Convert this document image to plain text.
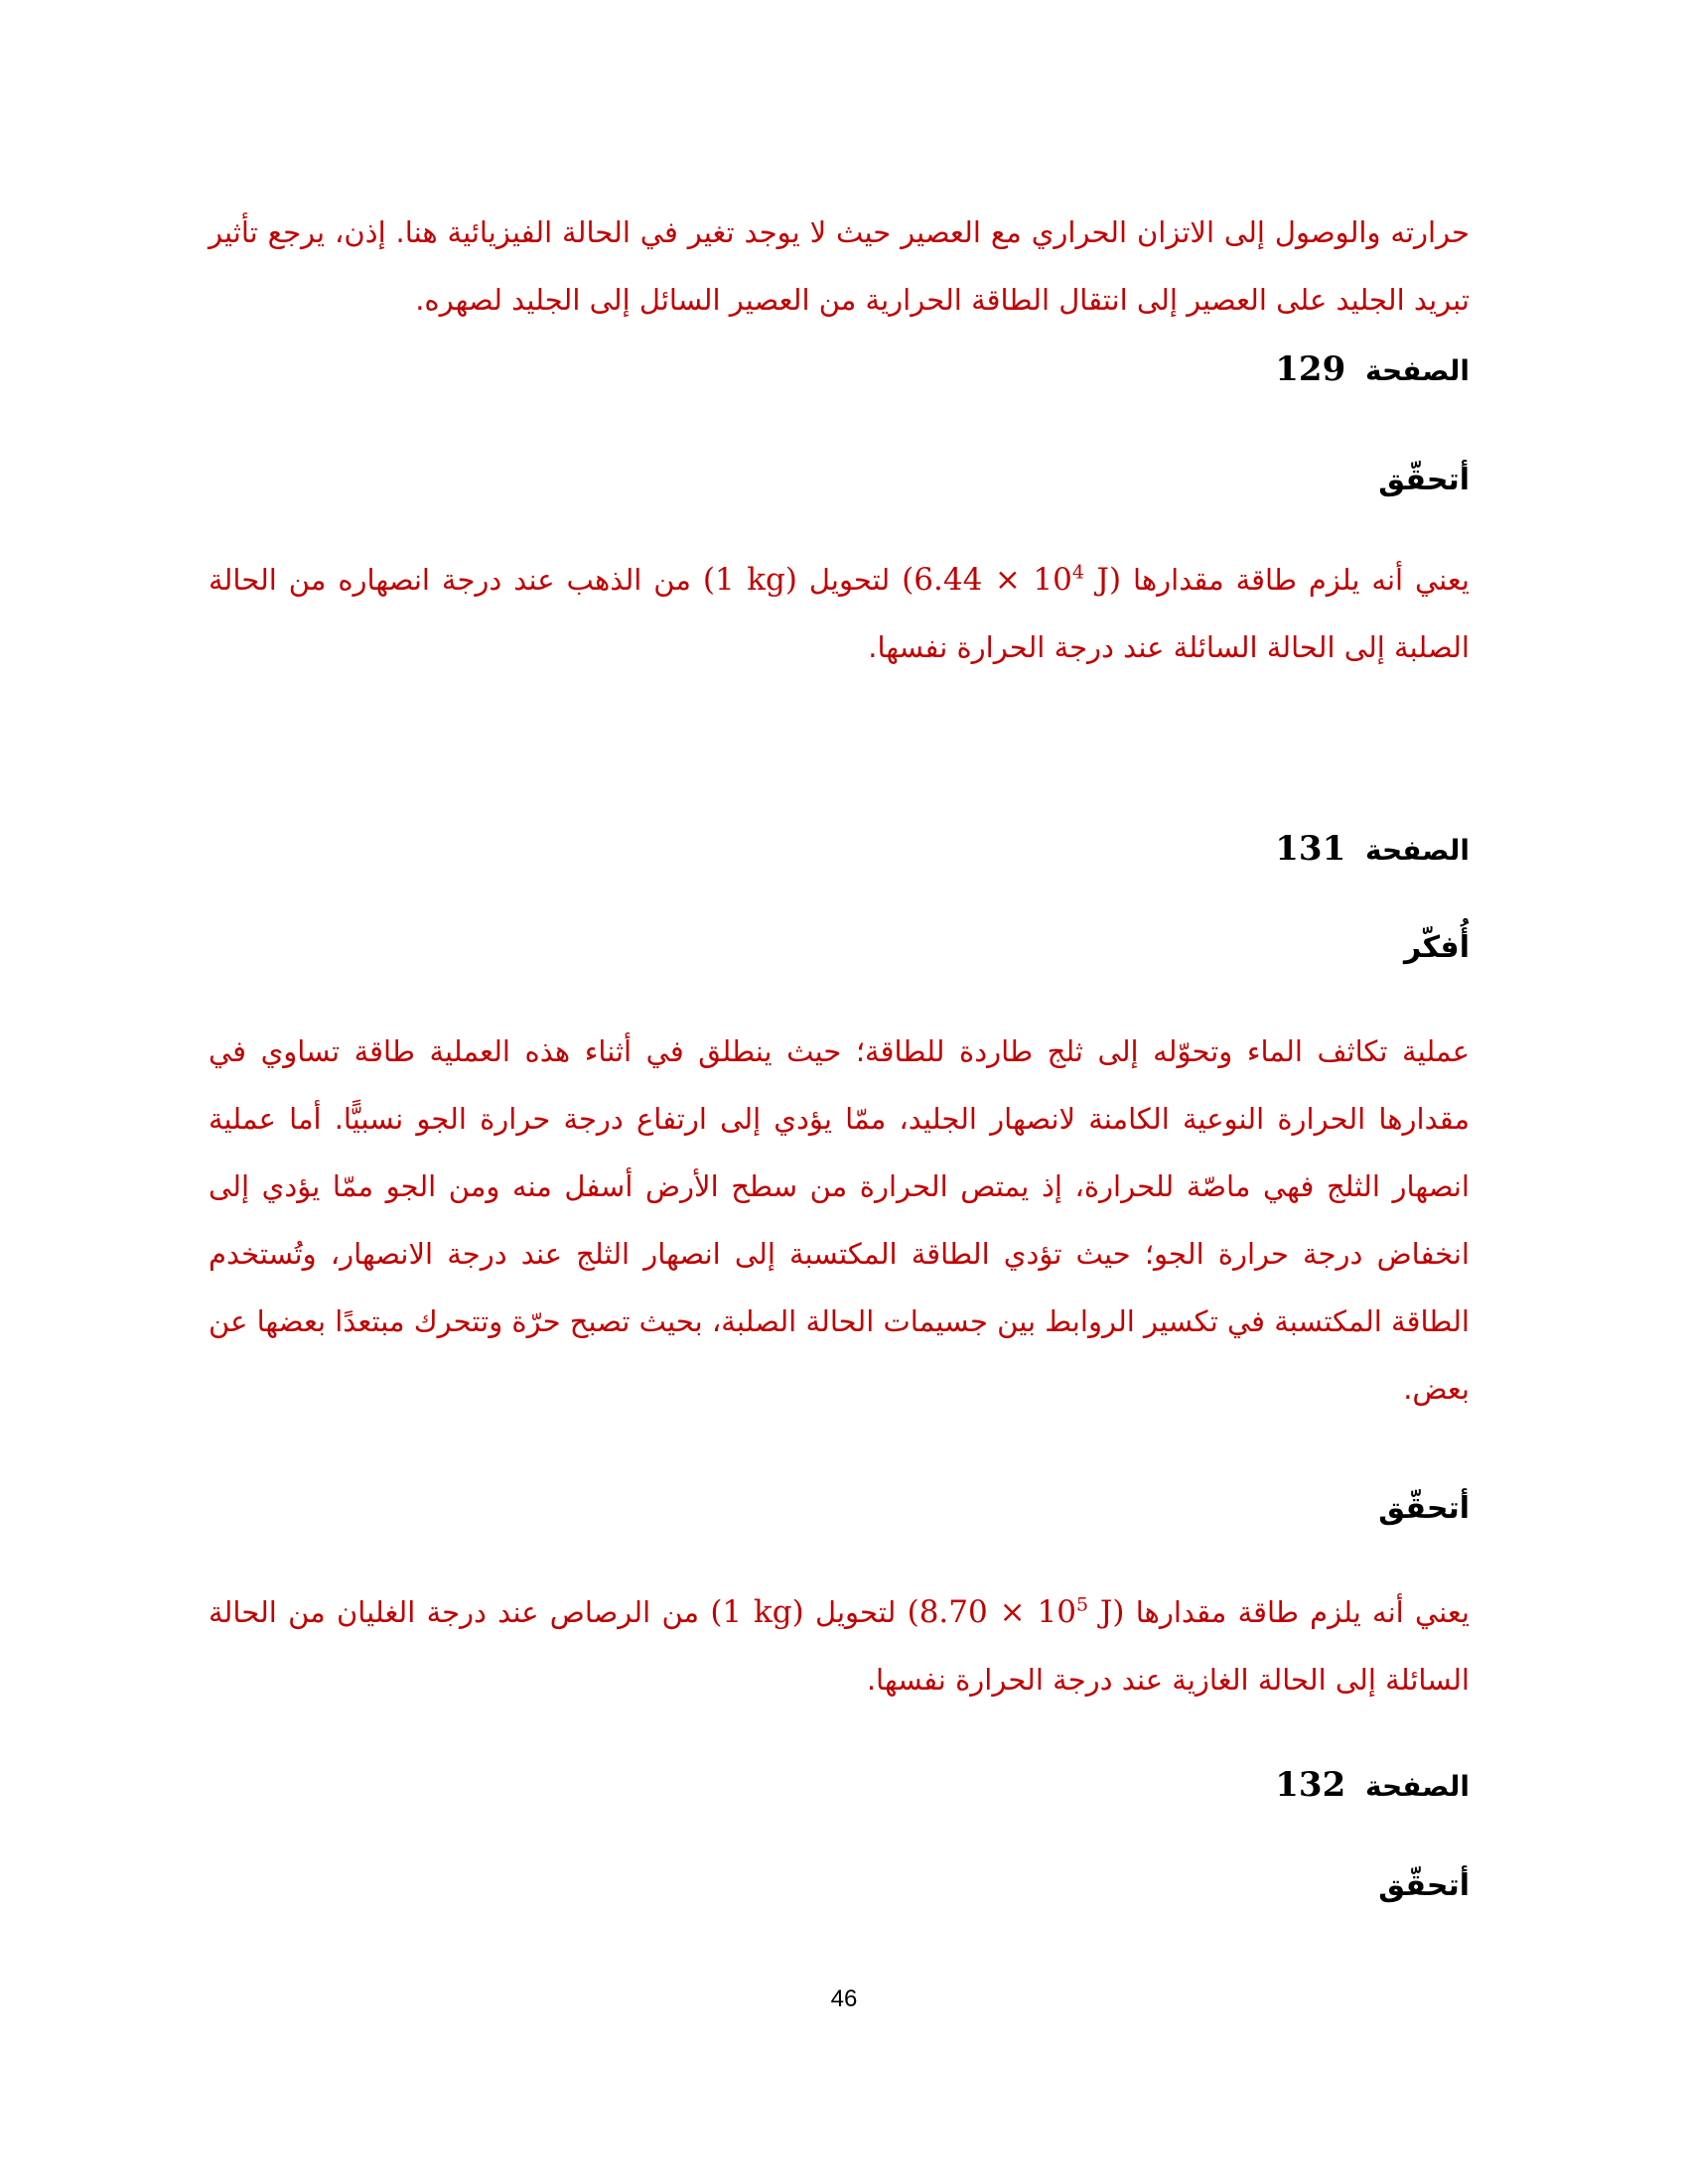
حرارته والوصول إلى الاتزان الحراري مع العصير حيث لا يوجد تغير في الحالة الفيزيائية هنا. إذن، يرجع تأثير تبريد الجليد على العصير إلى انتقال الطاقة الحرارية من العصير السائل إلى الجليد لصهره.
الصفحة 129
أتحقّق
يعني أنه يلزم طاقة مقدارها ($6.44 \times 10^4$ J) لتحويل (1 kg) من الذهب عند درجة انصهاره من الحالة الصلبة إلى الحالة السائلة عند درجة الحرارة نفسها.
الصفحة 131
أُفكّر
عملية تكاثف الماء وتحوّله إلى ثلج طاردة للطاقة؛ حيث ينطلق في أثناء هذه العملية طاقة تساوي في مقدارها الحرارة النوعية الكامنة لانصهار الجليد، ممّا يؤدي إلى ارتفاع درجة حرارة الجو نسبيًّا. أما عملية انصهار الثلج فهي ماصّة للحرارة، إذ يمتص الحرارة من سطح الأرض أسفل منه ومن الجو ممّا يؤدي إلى انخفاض درجة حرارة الجو؛ حيث تؤدي الطاقة المكتسبة إلى انصهار الثلج عند درجة الانصهار، وتُستخدم الطاقة المكتسبة في تكسير الروابط بين جسيمات الحالة الصلبة، بحيث تصبح حرّة وتتحرك مبتعدًا بعضها عن بعض.
أتحقّق
يعني أنه يلزم طاقة مقدارها ($8.70 \times 10^5$ J) لتحويل (1 kg) من الرصاص عند درجة الغليان من الحالة السائلة إلى الحالة الغازية عند درجة الحرارة نفسها.
الصفحة 132
أتحقّق
46
